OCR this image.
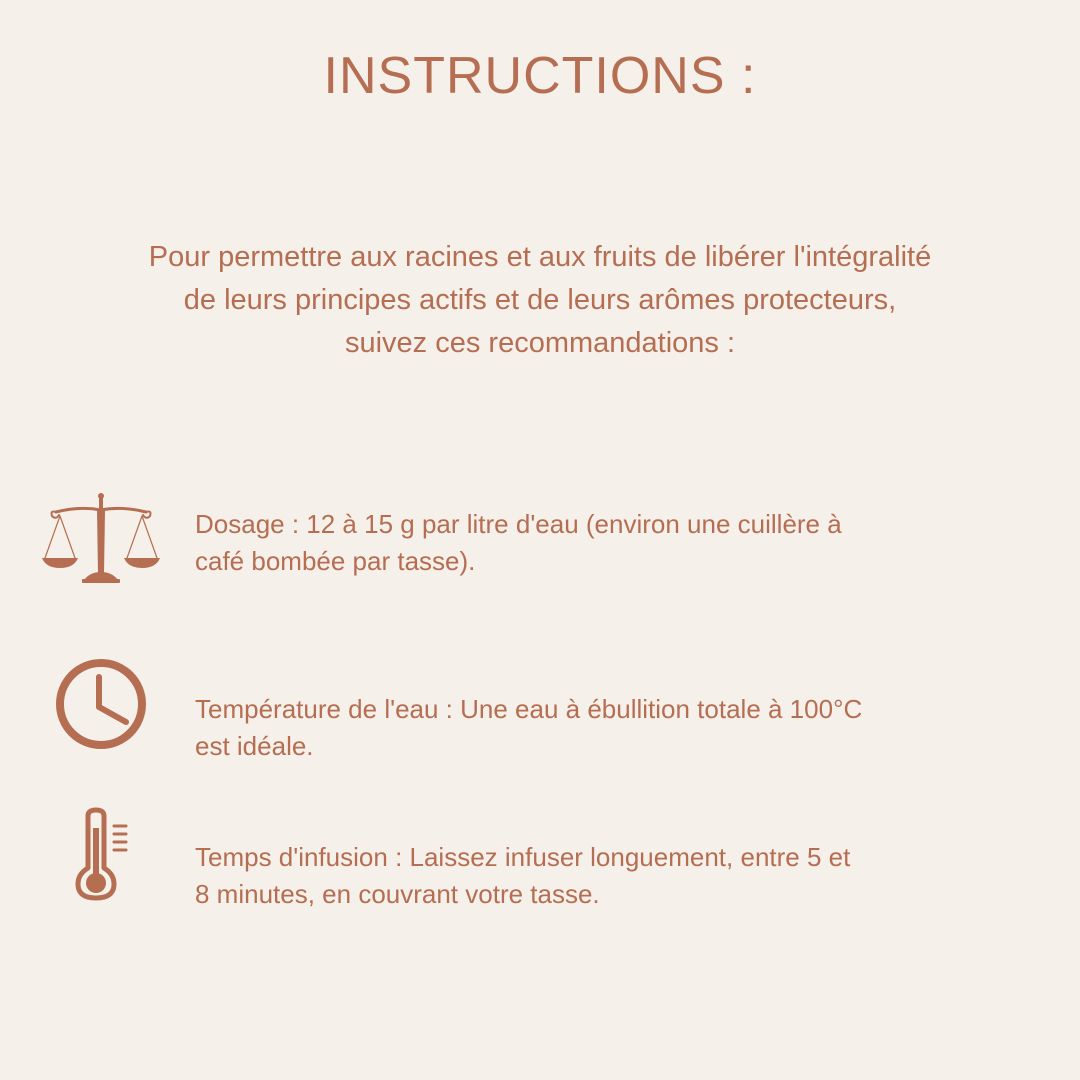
INSTRUCTIONS :
Pour permettre aux racines et aux fruits de libérer l'intégralité
de leurs principes actifs et de leurs arômes protecteurs,
suivez ces recommandations :
Dosage : 12 à 15 g par litre d'eau (environ une cuillère à
café bombée par tasse).
Température de l'eau : Une eau à ébullition totale à 100°C
est idéale.
Temps d'infusion : Laissez infuser longuement, entre 5 et
8 minutes, en couvrant votre tasse.
